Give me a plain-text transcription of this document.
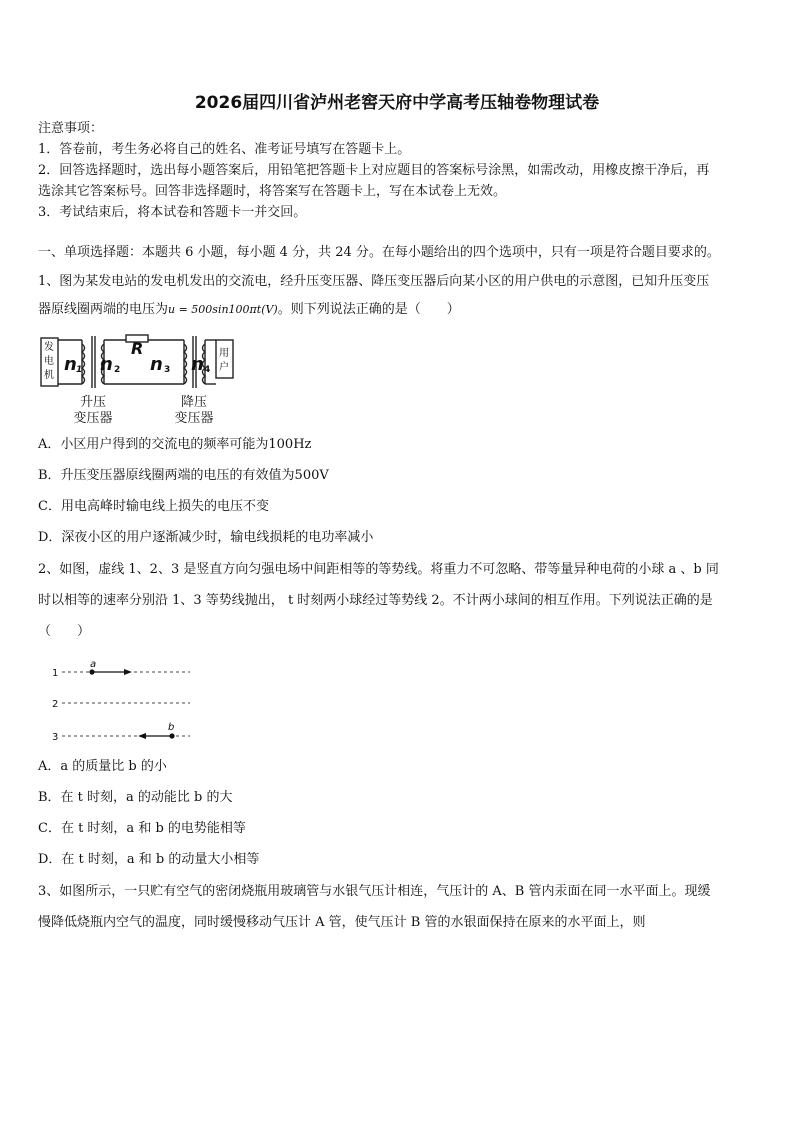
2026届四川省泸州老窖天府中学高考压轴卷物理试卷
注意事项：
1．答卷前，考生务必将自己的姓名、准考证号填写在答题卡上。
2．回答选择题时，选出每小题答案后，用铅笔把答题卡上对应题目的答案标号涂黑，如需改动，用橡皮擦干净后，再
选涂其它答案标号。回答非选择题时，将答案写在答题卡上，写在本试卷上无效。
3．考试结束后，将本试卷和答题卡一并交回。
一、单项选择题：本题共 6 小题，每小题 4 分，共 24 分。在每小题给出的四个选项中，只有一项是符合题目要求的。
1、图为某发电站的发电机发出的交流电，经升压变压器、降压变压器后向某小区的用户供电的示意图，已知升压变压
器原线圈两端的电压为u = 500sin100πt(V)。则下列说法正确的是（　　）
发
电
机
用
户
n 1 n 2
R
n 3 n 4
升压
变压器
降压
变压器
A．小区用户得到的交流电的频率可能为100Hz
B．升压变压器原线圈两端的电压的有效值为500V
C．用电高峰时输电线上损失的电压不变
D．深夜小区的用户逐渐减少时，输电线损耗的电功率减小
2、如图，虚线 1、2、3 是竖直方向匀强电场中间距相等的等势线。将重力不可忽略、带等量异种电荷的小球 a 、b 同
时以相等的速率分别沿 1、3 等势线抛出， t 时刻两小球经过等势线 2。不计两小球间的相互作用。下列说法正确的是
（　　）
1
2
3
a
b
A．a 的质量比 b 的小
B．在 t 时刻，a 的动能比 b 的大
C．在 t 时刻，a 和 b 的电势能相等
D．在 t 时刻，a 和 b 的动量大小相等
3、如图所示，一只贮有空气的密闭烧瓶用玻璃管与水银气压计相连，气压计的 A、B 管内汞面在同一水平面上。现缓
慢降低烧瓶内空气的温度，同时缓慢移动气压计 A 管，使气压计 B 管的水银面保持在原来的水平面上，则
